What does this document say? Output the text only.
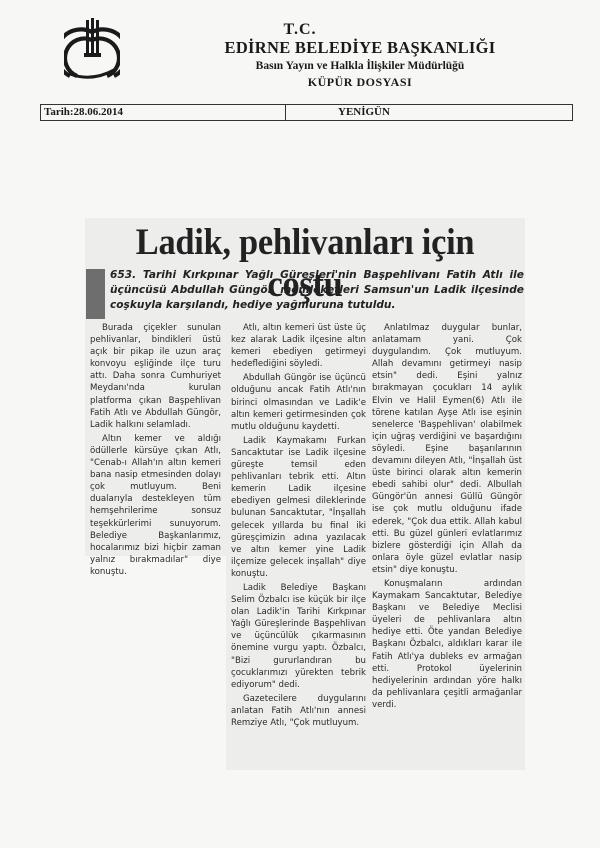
T.C.
EDİRNE BELEDİYE BAŞKANLIĞI
Basın Yayın ve Halkla İlişkiler Müdürlüğü
KÜPÜR DOSYASI
Tarih:28.06.2014	YENİGÜN
Ladik, pehlivanları için coştu
653. Tarihi Kırkpınar Yağlı Güreşleri'nin Başpehlivanı Fatih Atlı ile üçüncüsü Abdullah Güngör, memleketleri Samsun'un Ladik ilçesinde coşkuyla karşılandı, hediye yağmuruna tutuldu.

Burada çiçekler sunulan pehlivanlar, bindikleri üstü açık bir pikap ile uzun araç konvoyu eşliğinde ilçe turu attı. Daha sonra Cumhuriyet Meydanı'nda kurulan platforma çıkan Başpehlivan Fatih Atlı ve Abdullah Güngör, Ladik halkını selamladı.

Altın kemer ve aldığı ödüllerle kürsüye çıkan Atlı, "Cenab-ı Allah'ın altın kemeri bana nasip etmesinden dolayı çok mutluyum. Beni dualarıyla destekleyen tüm hemşehrilerime sonsuz teşekkürlerimi sunuyorum. Belediye Başkanlarımız, hocalarımız bizi hiçbir zaman yalnız bırakmadılar" diye konuştu.

Atlı, altın kemeri üst üste üç kez alarak Ladik ilçesine altın kemeri ebediyen getirmeyi hedeflediğini söyledi.

Abdullah Güngör ise üçüncü olduğunu ancak Fatih Atlı'nın birinci olmasından ve Ladik'e altın kemeri getirmesinden çok mutlu olduğunu kaydetti.

Ladik Kaymakamı Furkan Sancaktutar ise Ladik ilçesine güreşte temsil eden pehlivanları tebrik etti. Altın kemerin Ladik ilçesine ebediyen gelmesi dileklerinde bulunan Sancaktutar, "İnşallah gelecek yıllarda bu final iki güreşçimizin adına yazılacak ve altın kemer yine Ladik ilçemize gelecek inşallah" diye konuştu.

Ladik Belediye Başkanı Selim Özbalcı ise küçük bir ilçe olan Ladik'in Tarihi Kırkpınar Yağlı Güreşlerinde Başpehlivan ve üçüncülük çıkarmasının önemine vurgu yaptı. Özbalcı, "Bizi gururlandıran bu çocuklarımızı yürekten tebrik ediyorum" dedi.

Gazetecilere duygularını anlatan Fatih Atlı'nın annesi Remziye Atlı, "Çok mutluyum.

Anlatılmaz duygular bunlar, anlatamam yani. Çok duygulandım. Çok mutluyum. Allah devamını getirmeyi nasip etsin" dedi. Eşini yalnız bırakmayan çocukları 14 aylık Elvin ve Halil Eymen(6) Atlı ile törene katılan Ayşe Atlı ise eşinin senelerce 'Başpehlivan' olabilmek için uğraş verdiğini ve başardığını söyledi. Eşine başarılarının devamını dileyen Atlı, "İnşallah üst üste birinci olarak altın kemerin ebedi sahibi olur" dedi. Albullah Güngör'ün annesi Güllü Güngör ise çok mutlu olduğunu ifade ederek, "Çok dua ettik. Allah kabul etti. Bu güzel günleri evlatlarımız bizlere gösterdiği için Allah da onlara öyle güzel evlatlar nasip etsin" diye konuştu.

Konuşmaların ardından Kaymakam Sancaktutar, Belediye Başkanı ve Belediye Meclisi üyeleri de pehlivanlara altın hediye etti. Öte yandan Belediye Başkanı Özbalcı, aldıkları karar ile Fatih Atlı'ya dubleks ev armağan etti. Protokol üyelerinin hediyelerinin ardından yöre halkı da pehlivanlara çeşitli armağanlar verdi.
